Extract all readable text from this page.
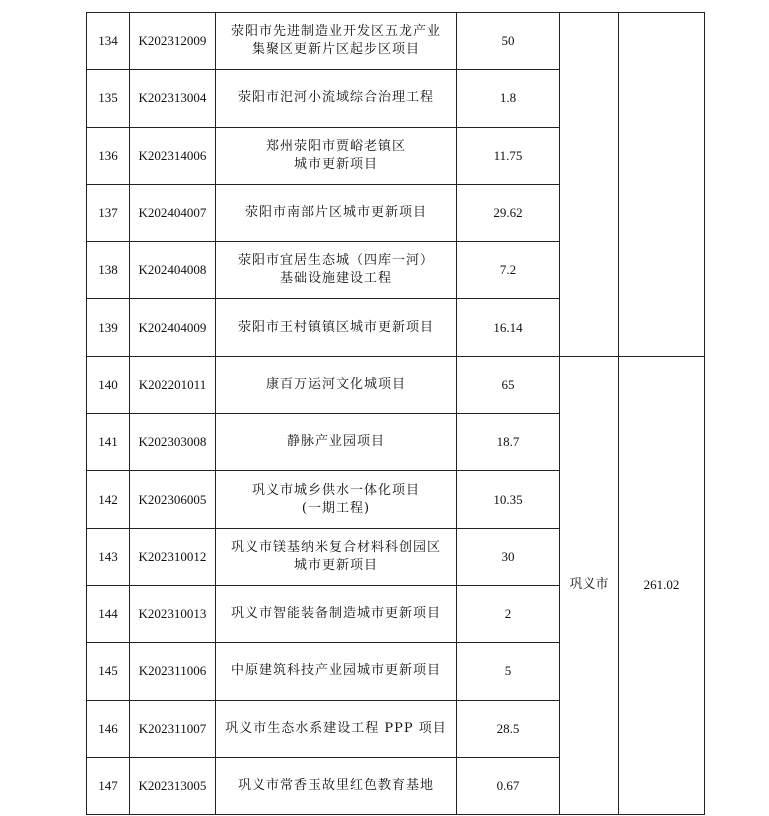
134	K202312009	荥阳市先进制造业开发区五龙产业
集聚区更新片区起步区项目	50		
135	K202313004	荥阳市汜河小流域综合治理工程	1.8		
136	K202314006	郑州荥阳市贾峪老镇区
城市更新项目	11.75		
137	K202404007	荥阳市南部片区城市更新项目	29.62		
138	K202404008	荥阳市宜居生态城（四库一河）
基础设施建设工程	7.2		
139	K202404009	荥阳市王村镇镇区城市更新项目	16.14		
140	K202201011	康百万运河文化城项目	65	巩义市	261.02
141	K202303008	静脉产业园项目	18.7		
142	K202306005	巩义市城乡供水一体化项目
(一期工程)	10.35		
143	K202310012	巩义市镁基纳米复合材料科创园区
城市更新项目	30		
144	K202310013	巩义市智能装备制造城市更新项目	2		
145	K202311006	中原建筑科技产业园城市更新项目	5		
146	K202311007	巩义市生态水系建设工程 PPP 项目	28.5		
147	K202313005	巩义市常香玉故里红色教育基地	0.67		
